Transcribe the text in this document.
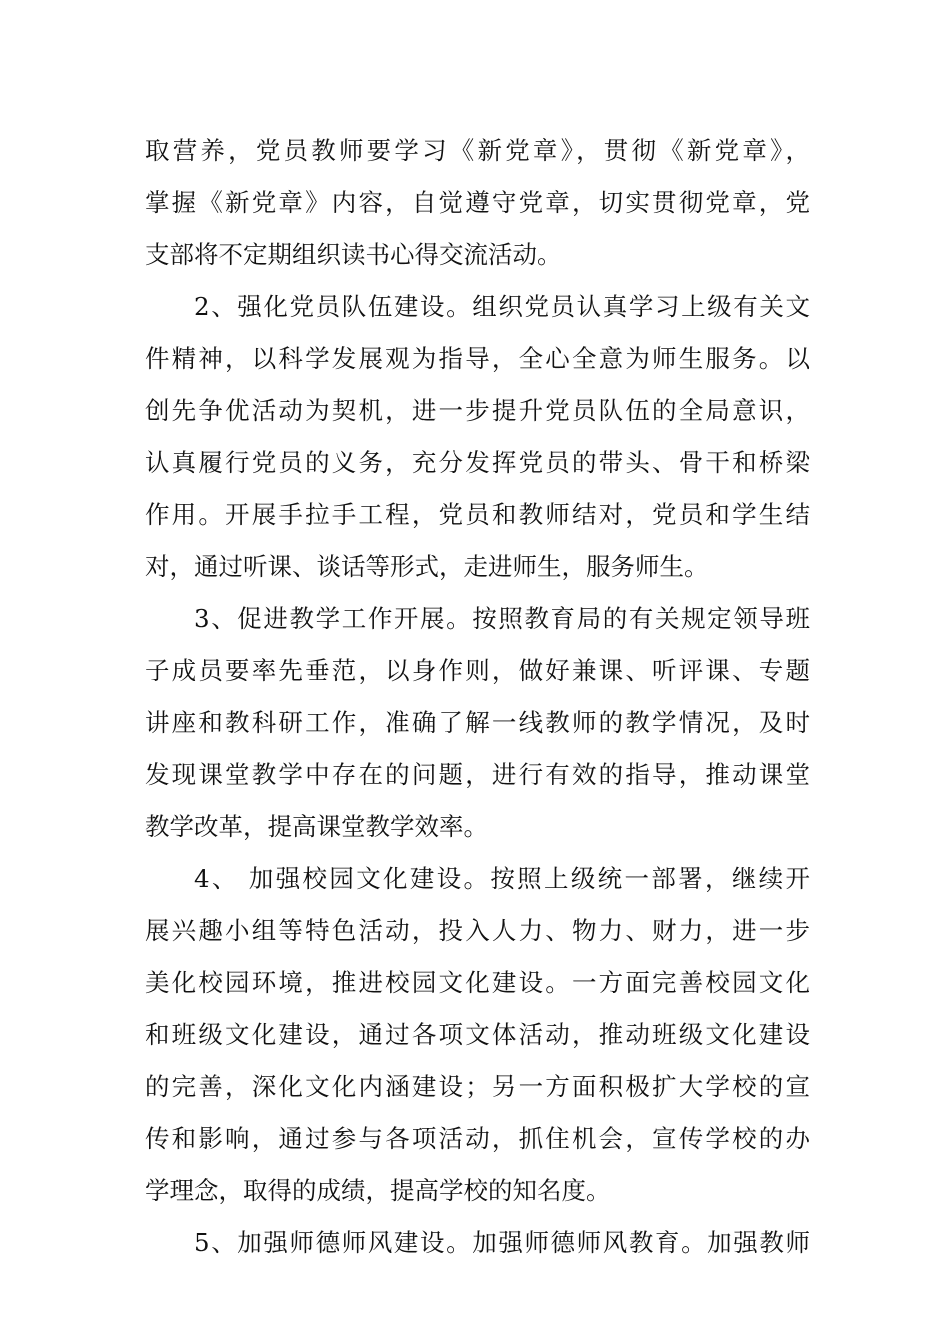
取营养，党员教师要学习《新党章》，贯彻《新党章》，
掌握《新党章》内容，自觉遵守党章，切实贯彻党章，党
支部将不定期组织读书心得交流活动。
2、强化党员队伍建设。组织党员认真学习上级有关文
件精神，以科学发展观为指导，全心全意为师生服务。以
创先争优活动为契机，进一步提升党员队伍的全局意识，
认真履行党员的义务，充分发挥党员的带头、骨干和桥梁
作用。开展手拉手工程，党员和教师结对，党员和学生结
对，通过听课、谈话等形式，走进师生，服务师生。
3、促进教学工作开展。按照教育局的有关规定领导班
子成员要率先垂范，以身作则，做好兼课、听评课、专题
讲座和教科研工作，准确了解一线教师的教学情况，及时
发现课堂教学中存在的问题，进行有效的指导，推动课堂
教学改革，提高课堂教学效率。
4、 加强校园文化建设。按照上级统一部署，继续开
展兴趣小组等特色活动，投入人力、物力、财力，进一步
美化校园环境，推进校园文化建设。一方面完善校园文化
和班级文化建设，通过各项文体活动，推动班级文化建设
的完善，深化文化内涵建设；另一方面积极扩大学校的宣
传和影响，通过参与各项活动，抓住机会，宣传学校的办
学理念，取得的成绩，提高学校的知名度。
5、加强师德师风建设。加强师德师风教育。加强教师
